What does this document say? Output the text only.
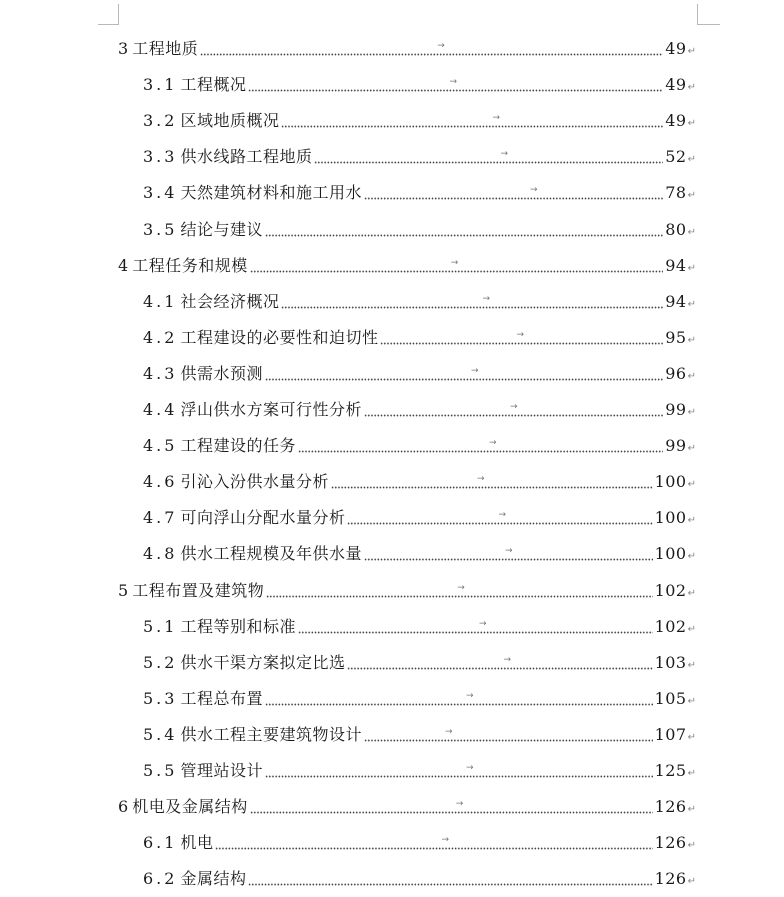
3 工程地质	→	49 ↵
3.1 工程概况	→	49 ↵
3.2 区域地质概况	→	49 ↵
3.3 供水线路工程地质	→	52 ↵
3.4 天然建筑材料和施工用水	→	78 ↵
3.5 结论与建议	80 ↵
4 工程任务和规模	→	94 ↵
4.1 社会经济概况	→	94 ↵
4.2 工程建设的必要性和迫切性	→	95 ↵
4.3 供需水预测	→	96 ↵
4.4 浮山供水方案可行性分析	→	99 ↵
4.5 工程建设的任务	→	99 ↵
4.6 引沁入汾供水量分析	→	100 ↵
4.7 可向浮山分配水量分析	→	100 ↵
4.8 供水工程规模及年供水量	→	100 ↵
5 工程布置及建筑物	→	102 ↵
5.1 工程等别和标准	→	102 ↵
5.2 供水干渠方案拟定比选	→	103 ↵
5.3 工程总布置	→	105 ↵
5.4 供水工程主要建筑物设计	→	107 ↵
5.5 管理站设计	→	125 ↵
6 机电及金属结构	→	126 ↵
6.1 机电	→	126 ↵
6.2 金属结构	126 ↵
